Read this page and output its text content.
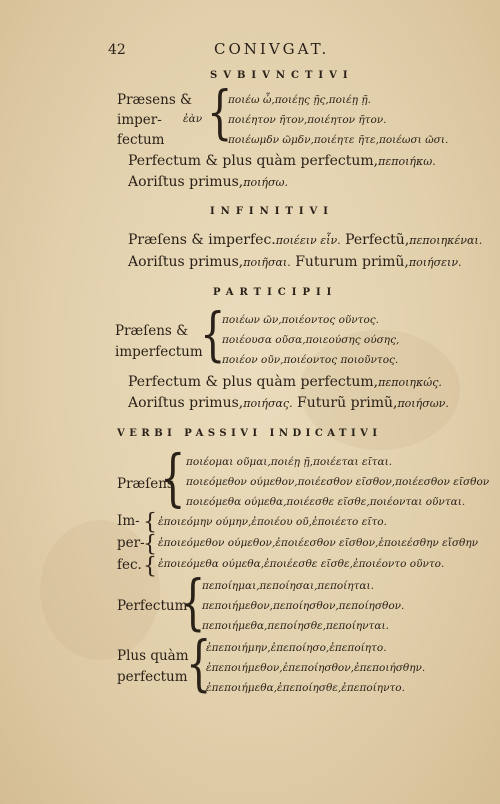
42	CONIVGAT.
SVBIVNCTIVI
Præsens &
imper-
fectum
ἐὰν {
ποιέω ὦ,ποιέῃς ῇς,ποιέῃ ῇ.
ποιέητον ῆτον,ποιέητον ῆτον.
ποιέωμδν ῶμδν,ποιέητε ῆτε,ποιέωσι ῶσι.
Perfectum & plus quàm perfectum,πεποιήκω.
Aoriſtus primus,ποιήσω.
INFINITIVI
Præſens & imperfec.ποιέειν εἶν. Perfectũ,πεποιηκέναι.
Aoriſtus primus,ποιῆσαι. Futurum primũ,ποιήσειν.
PARTICIPII
Præſens &
imperfectum
{
ποιέων ῶν,ποιέοντος οῦντος.
ποιέουσα οῦσα,ποιεούσης ούσης,
ποιέον οῦν,ποιέοντος ποιοῦντος.
Perfectum & plus quàm perfectum,πεποιηκώς.
Aoriſtus primus,ποιήσας. Futurũ primũ,ποιήσων.
VERBI PASSIVI INDICATIVI
Præſens
{ ποιέομαι οῦμαι,ποιέῃ ῇ,ποιέεται εῖται.
ποιεόμεθον ούμεθον,ποιέεσθον εῖσθον,ποιέεσθον εῖσθον
ποιεόμεθα ούμεθα,ποιέεσθε εῖσθε,ποιέονται οῦνται.
Im-
per-
fec.
{
{
{
ἐποιεόμην ούμην,ἐποιέου οῦ,ἐποιέετο εῖτο.
ἐποιεόμεθον ούμεθον,ἐποιέεσθον εῖσθον,ἐποιεέσθην εἴσθην
ἐποιεόμεθα ούμεθα,ἐποιέεσθε εῖσθε,ἐποιέοντο οῦντο.
Perfectum
{
πεποίημαι,πεποίησαι,πεποίηται.
πεποιήμεθον,πεποίησθον,πεποίησθον.
πεποιήμεθα,πεποίησθε,πεποίηνται.
Plus quàm
perfectum
{
ἐπεποιήμην,ἐπεποίησο,ἐπεποίητο.
ἐπεποιήμεθον,ἐπεποίησθον,ἐπεποιήσθην.
ἐπεποιήμεθα,ἐπεποίησθε,ἐπεποίηντο.
